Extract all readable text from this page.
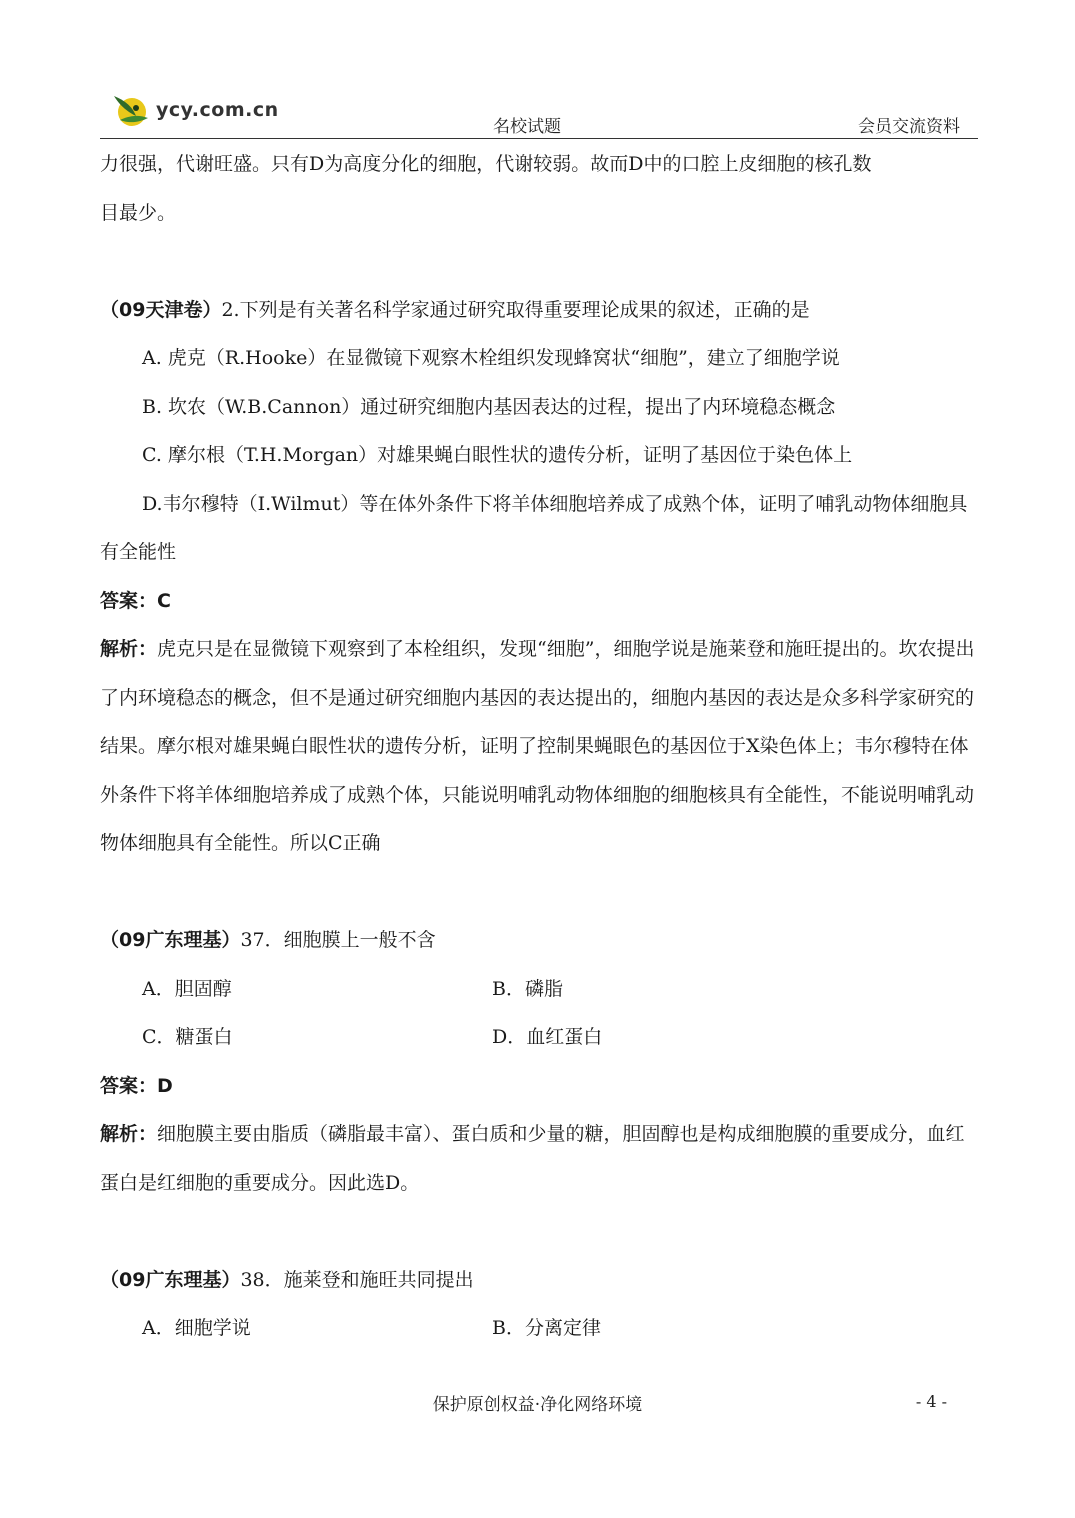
ycy.com.cn
名校试题	会员交流资料

力很强，代谢旺盛。只有D为高度分化的细胞，代谢较弱。故而D中的口腔上皮细胞的核孔数

目最少。

（09天津卷）2.下列是有关著名科学家通过研究取得重要理论成果的叙述，正确的是

A. 虎克（R.Hooke）在显微镜下观察木栓组织发现蜂窝状“细胞”，建立了细胞学说

B. 坎农（W.B.Cannon）通过研究细胞内基因表达的过程，提出了内环境稳态概念

C. 摩尔根（T.H.Morgan）对雄果蝇白眼性状的遗传分析，证明了基因位于染色体上

D.韦尔穆特（I.Wilmut）等在体外条件下将羊体细胞培养成了成熟个体，证明了哺乳动物体细胞具有全能性

答案：C

解析：虎克只是在显微镜下观察到了本栓组织，发现“细胞”，细胞学说是施莱登和施旺提出的。坎农提出了内环境稳态的概念，但不是通过研究细胞内基因的表达提出的，细胞内基因的表达是众多科学家研究的结果。摩尔根对雄果蝇白眼性状的遗传分析，证明了控制果蝇眼色的基因位于X染色体上；韦尔穆特在体外条件下将羊体细胞培养成了成熟个体，只能说明哺乳动物体细胞的细胞核具有全能性，不能说明哺乳动物体细胞具有全能性。所以C正确

（09广东理基）37．细胞膜上一般不含

A．胆固醇	B．磷脂
C．糖蛋白	D．血红蛋白

答案：D

解析：细胞膜主要由脂质（磷脂最丰富）、蛋白质和少量的糖，胆固醇也是构成细胞膜的重要成分，血红蛋白是红细胞的重要成分。因此选D。

（09广东理基）38．施莱登和施旺共同提出

A．细胞学说	B．分离定律
保护原创权益·净化网络环境	- 4 -
